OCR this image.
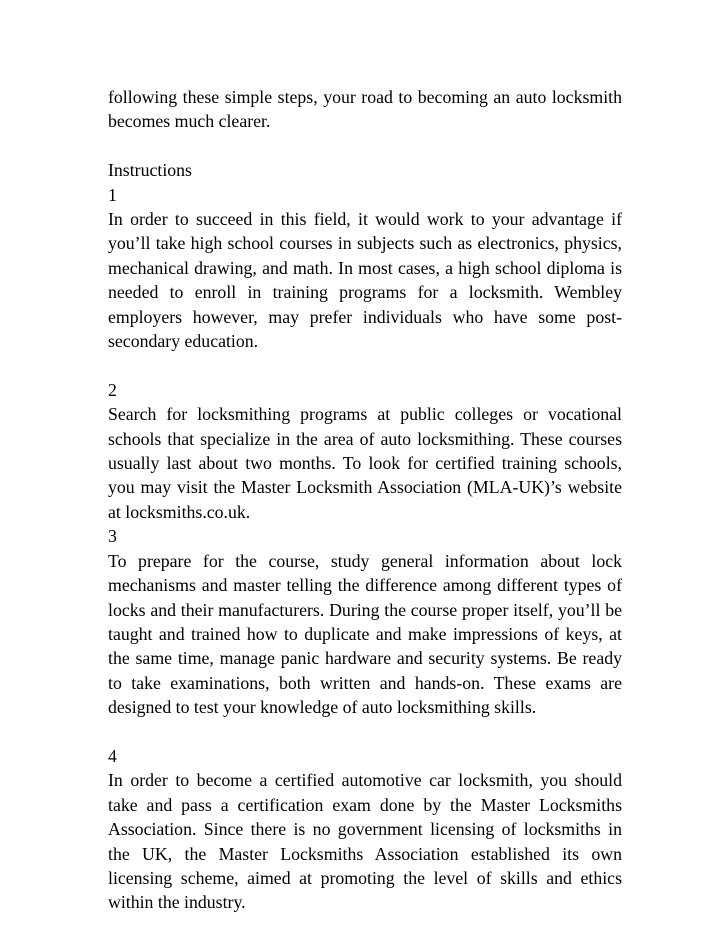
following these simple steps, your road to becoming an auto locksmith becomes much clearer.

Instructions
1

In order to succeed in this field, it would work to your advantage if you’ll take high school courses in subjects such as electronics, physics, mechanical drawing, and math. In most cases, a high school diploma is needed to enroll in training programs for a locksmith. Wembley employers however, may prefer individuals who have some post-secondary education.

2

Search for locksmithing programs at public colleges or vocational schools that specialize in the area of auto locksmithing. These courses usually last about two months. To look for certified training schools, you may visit the Master Locksmith Association (MLA-UK)’s website at locksmiths.co.uk.

3

To prepare for the course, study general information about lock mechanisms and master telling the difference among different types of locks and their manufacturers. During the course proper itself, you’ll be taught and trained how to duplicate and make impressions of keys, at the same time, manage panic hardware and security systems. Be ready to take examinations, both written and hands-on. These exams are designed to test your knowledge of auto locksmithing skills.

4

In order to become a certified automotive car locksmith, you should take and pass a certification exam done by the Master Locksmiths Association. Since there is no government licensing of locksmiths in the UK, the Master Locksmiths Association established its own licensing scheme, aimed at promoting the level of skills and ethics within the industry.
